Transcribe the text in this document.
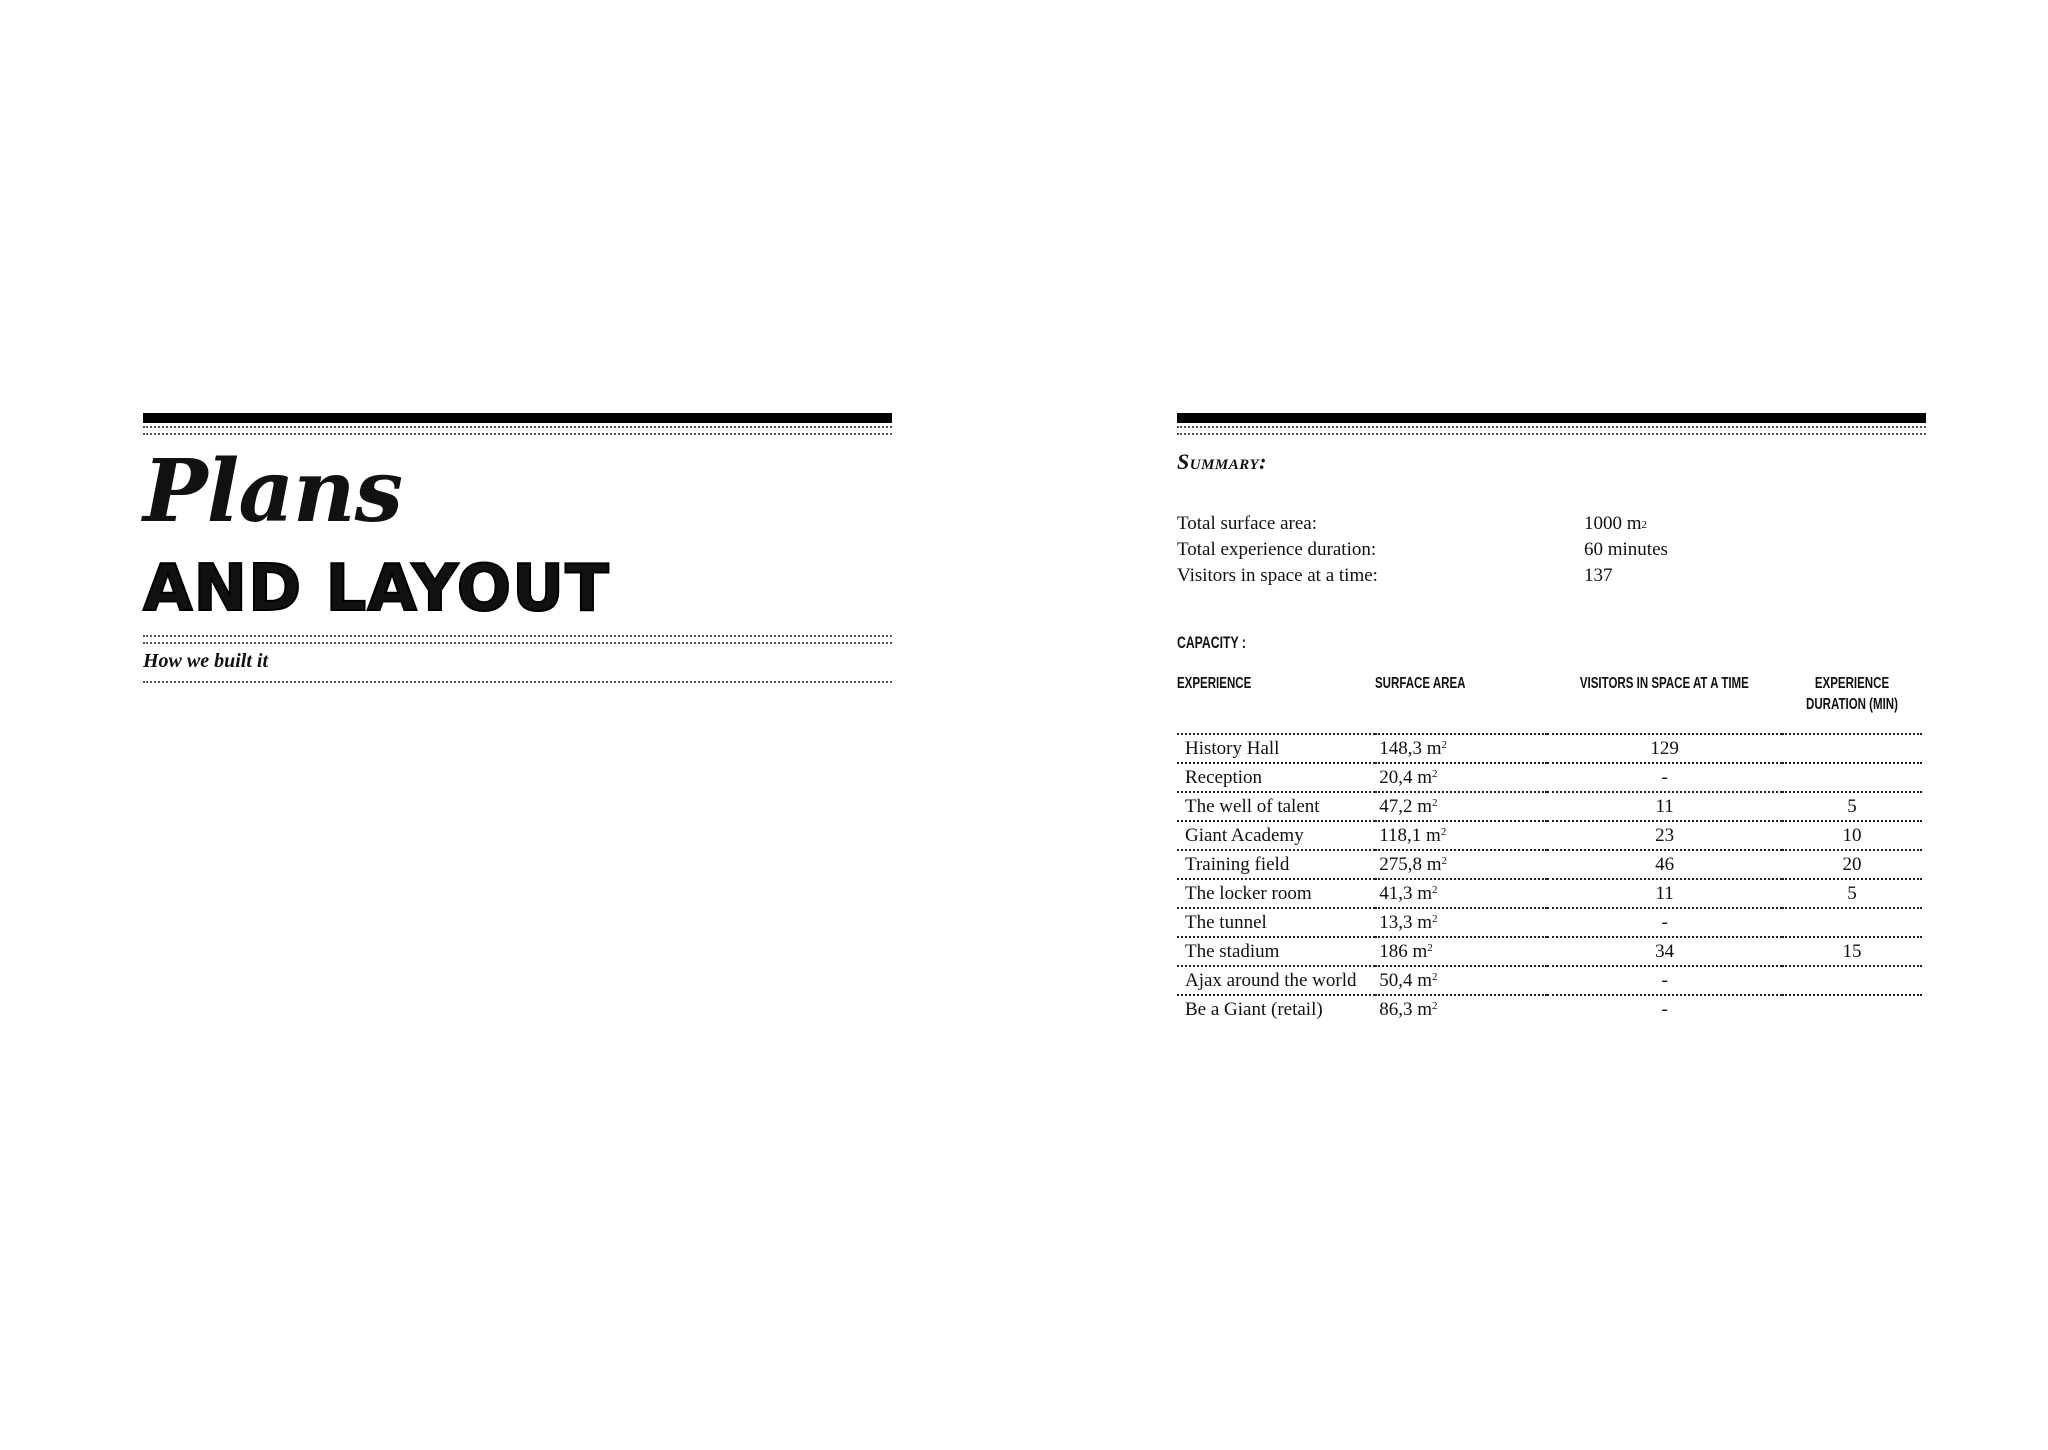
Plans
AND LAYOUT
How we built it
Summary:
Total surface area:	1000 $m^2$
Total experience duration:	60 minutes
Visitors in space at a time:	137
CAPACITY :
EXPERIENCE	SURFACE AREA	VISITORS IN SPACE AT A TIME	EXPERIENCE DURATION (MIN)
History Hall	148,3 $m^2$	129	
Reception	20,4 $m^2$	-	
The well of talent	47,2 $m^2$	11	5
Giant Academy	118,1 $m^2$	23	10
Training field	275,8 $m^2$	46	20
The locker room	41,3 $m^2$	11	5
The tunnel	13,3 $m^2$	-	
The stadium	186 $m^2$	34	15
Ajax around the world	50,4 $m^2$	-	
Be a Giant (retail)	86,3 $m^2$	-	
